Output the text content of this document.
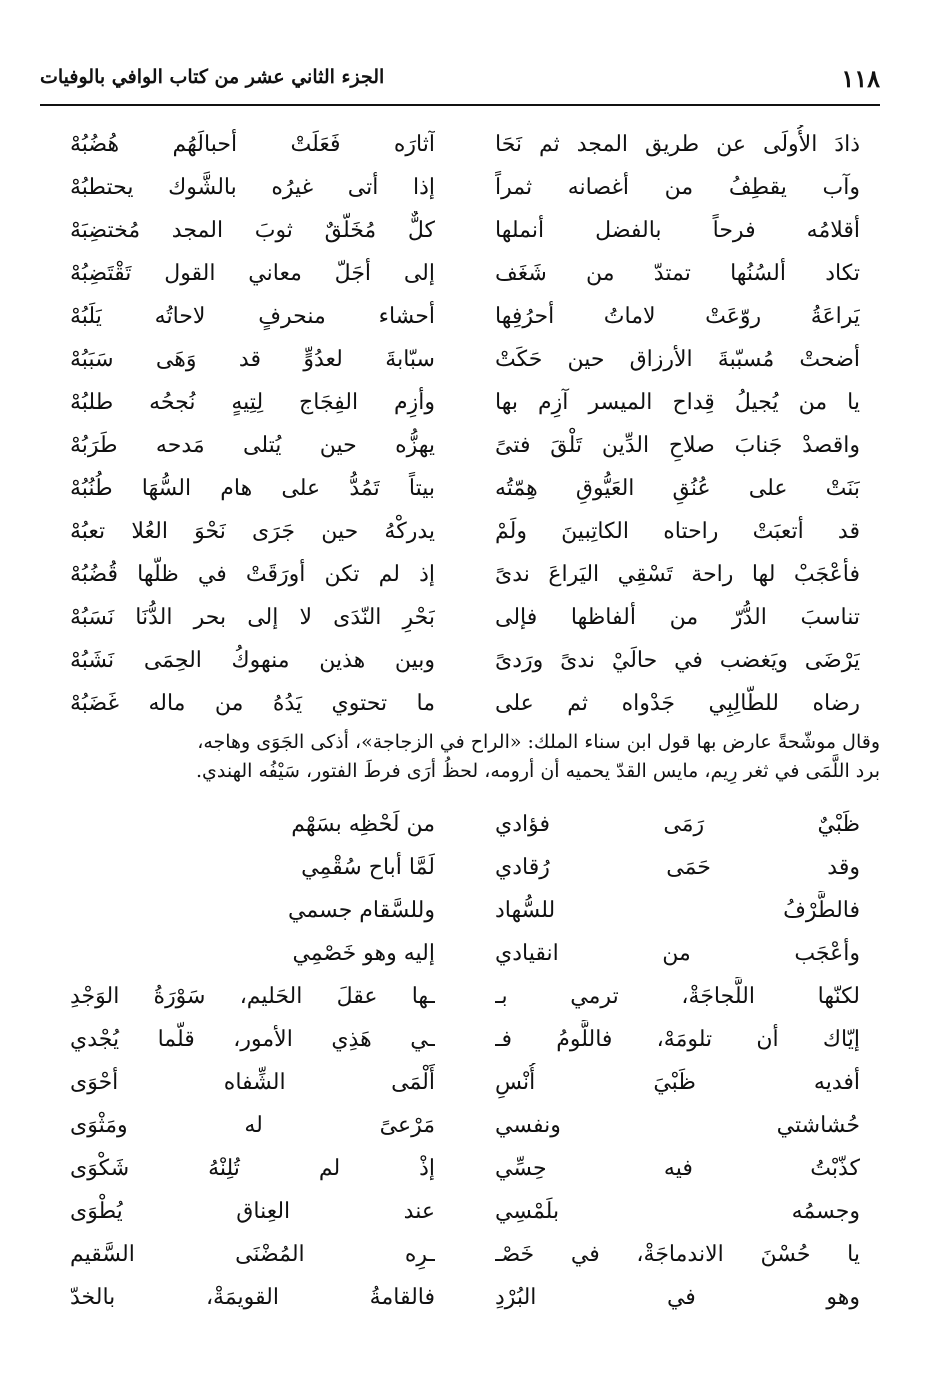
١١٨
الجزء الثاني عشر من كتاب الوافي بالوفيات
ذادَ الأُولَى عن طريق المجد ثم نَحَا
آثارَه فَعَلَتْ أحبالَهُم هُضُبُهْ
وآب يقطِفُ من أغصانه ثمراً
إذا أتى غيرُه بالشَّوك يحتطبُهْ
أقلامُه فرحاً بالفضل أنملها
كلٌّ مُخَلّقٌ ثوبَ المجد مُختضِبَهْ
تكاد ألسُنُها تمتدّ من شَغَف
إلى أجَلّ معاني القول تَقْتَضِبُهْ
يَراعَةُ روّعَتْ لاماتُ أحرُفِها
أحشاء منحرفٍ لاحاتُه يَلَبُهْ
أضحتْ مُسبّبةَ الأرزاق حين حَكَتْ
سبّابةَ لعدُوٍّ قد وَهَى سَبَبُهْ
يا من يُجيلُ قِداح الميسر آزِم بها
وأزِم الفِجَاج لِتِيهٍ نُجحُه طلبُهْ
واقصدْ جَنابَ صلاحِ الدِّين تَلْقَ فتىً
يهزُّه حين يُتلى مَدحه طَرَبُهْ
بَنَتْ على عُنُقِ العَيُّوقِ هِمّتُه
بيتاً تَمُدُّ على هام السُّهَا طُنُبُهْ
قد أتعبَتْ راحتاه الكاتِبينَ ولَمْ
يدركْهُ حين جَرَى نَحْوَ العُلا تعبُهْ
فأعْجَبْ لها راحة تَسْقِي اليَراعَ ندىً
إذ لم تكن أورَقَتْ في ظلّها قُضُبُهْ
تناسبَ الدُّرّ من ألفاظها فإلى
بَحْرِ النّدَى لا إلى بحر الدُّنَا نَسَبُهْ
يَرْضَى ويَغضب في حالَيْ ندىً ورَدىً
وبين هذين منهوكُ الحِمَى نَشَبُهْ
رضاه للطّالِبِي جَدْواه ثم على
ما تحتوي يَدُهُ من ماله غَضَبُهْ

وقال موشّحةً عارض بها قول ابن سناء الملك: «الراح في الزجاجة»، أذكى الجَوَى وهاجه،

برد اللَّمَى في ثغر رِيم، مايس القدّ يحميه أن أرومه، لحظُ أرَى فرطَ الفتور، سَيْفُه الهندي.

ظَبْيٌ رَمَى فؤادي
من لَحْظِه بسَهْم
وقد حَمَى رُقادي
لَمَّا أباح سُقْمِي
فالطَّرْفُ للسُّهاد
وللسَّقام جسمي
وأعْجَب من انقيادي
إليه وهو خَصْمِي
لكنّها اللَّجاجَةْ، ترمي بـ
ـها عقلَ الحَليم، سَوْرَةُ الوَجْدِ
إيّاك أن تلومَهْ، فاللَّومُ فـ
ـي هَذِي الأمور، قلّما يُجْدي
أفديه ظَبْيَ أُنْسِ
أَلْمَى الشِّفاه أحْوَى
حُشاشتي ونفسي
مَرْعىً له ومَثْوَى
كذّبْتُ فيه حِسِّي
إذْ لم تُلِنْهُ شَكْوَى
وجسمُه بلَمْسِي
عند العِناق يُطْوَى
يا حُسْنَ الاندماجَةْ، في خَصْـ
ـرِه المُضْنَى السَّقيم
وهو في البُرْدِ
فالقامةُ القويمَةْ، بالخدّ
